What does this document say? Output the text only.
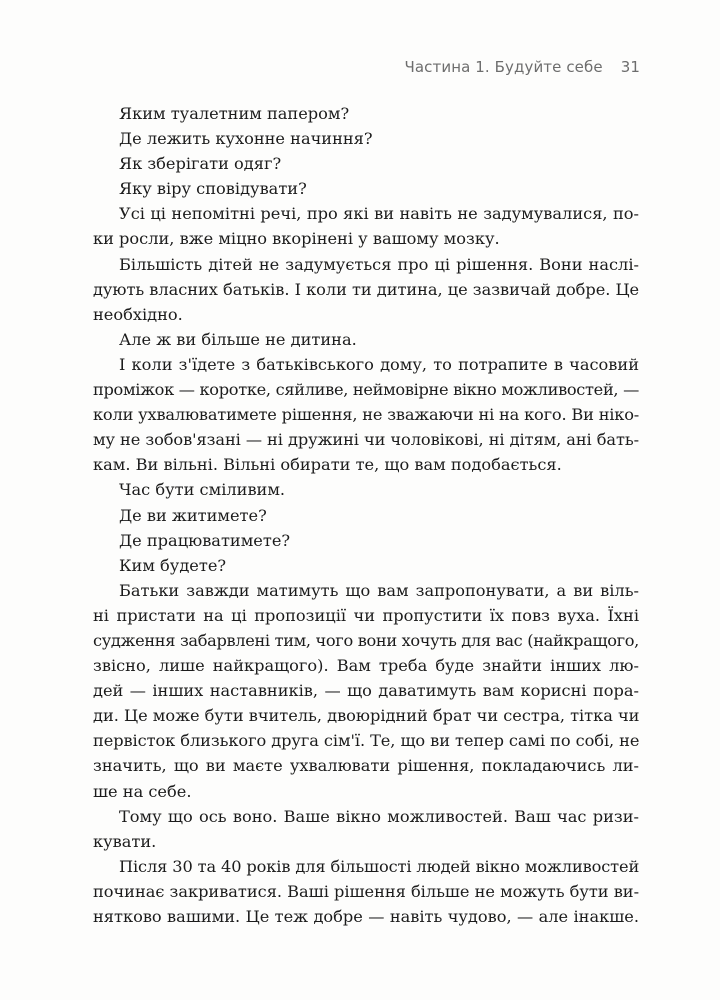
Частина 1. Будуйте себе 31
Яким туалетним папером?
Де лежить кухонне начиння?
Як зберігати одяг?
Яку віру сповідувати?
Усі ці непомітні речі, про які ви навіть не задумувалися, по-
ки росли, вже міцно вкорінені у вашому мозку.
Більшість дітей не задумується про ці рішення. Вони наслі-
дують власних батьків. І коли ти дитина, це зазвичай добре. Це
необхідно.
Але ж ви більше не дитина.
І коли з'їдете з батьківського дому, то потрапите в часовий
проміжок — коротке, сяйливе, неймовірне вікно можливостей, —
коли ухвалюватимете рішення, не зважаючи ні на кого. Ви ніко-
му не зобов'язані — ні дружині чи чоловікові, ні дітям, ані бать-
кам. Ви вільні. Вільні обирати те, що вам подобається.
Час бути сміливим.
Де ви житимете?
Де працюватимете?
Ким будете?
Батьки завжди матимуть що вам запропонувати, а ви віль-
ні пристати на ці пропозиції чи пропустити їх повз вуха. Їхні
судження забарвлені тим, чого вони хочуть для вас (найкращого,
звісно, лише найкращого). Вам треба буде знайти інших лю-
дей — інших наставників, — що даватимуть вам корисні пора-
ди. Це може бути вчитель, двоюрідний брат чи сестра, тітка чи
первісток близького друга сім'ї. Те, що ви тепер самі по собі, не
значить, що ви маєте ухвалювати рішення, покладаючись ли-
ше на себе.
Тому що ось воно. Ваше вікно можливостей. Ваш час ризи-
кувати.
Після 30 та 40 років для більшості людей вікно можливостей
починає закриватися. Ваші рішення більше не можуть бути ви-
нятково вашими. Це теж добре — навіть чудово, — але інакше.
